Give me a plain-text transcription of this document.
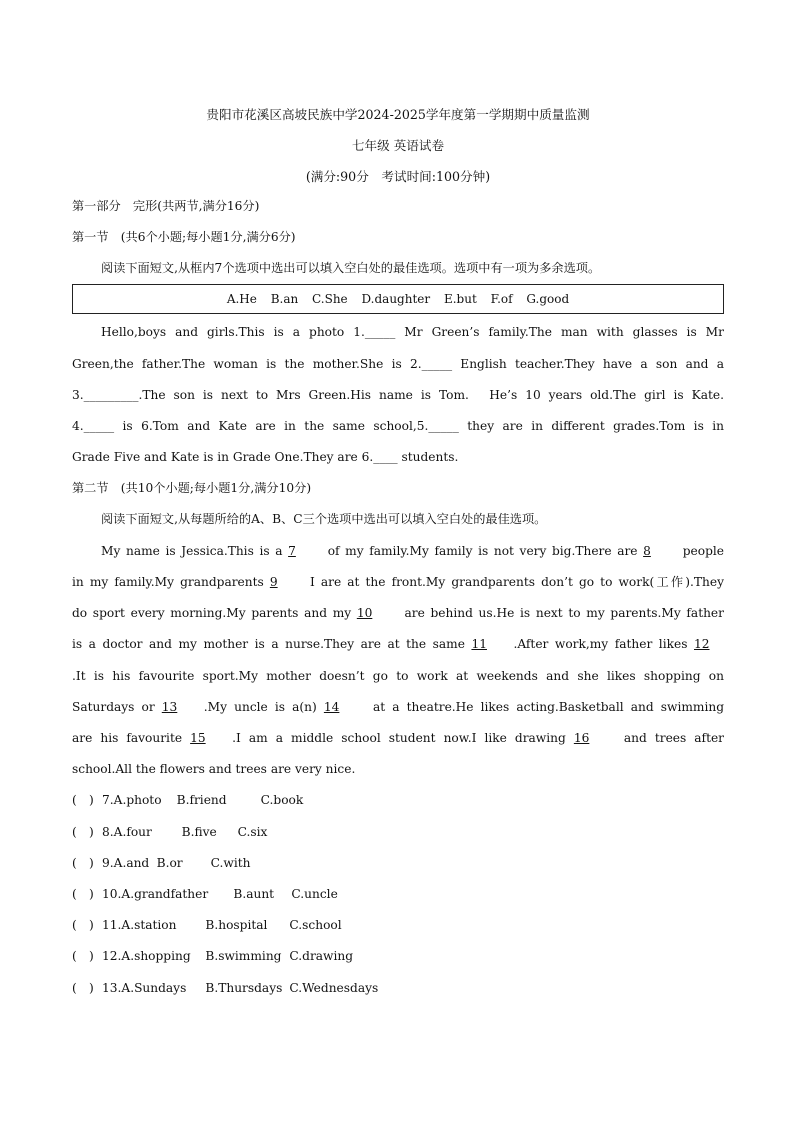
贵阳市花溪区高坡民族中学2024-2025学年度第一学期期中质量监测
七年级 英语试卷
(满分:90分　考试时间:100分钟)
第一部分　完形(共两节,满分16分)
第一节　(共6个小题;每小题1分,满分6分)
阅读下面短文,从框内7个选项中选出可以填入空白处的最佳选项。选项中有一项为多余选项。
A.He B.an C.She D.daughter E.but F.of G.good
Hello,boys and girls.This is a photo 1._____ Mr Green’s family.The man with glasses is Mr
Green,the father.The woman is the mother.She is 2._____ English teacher.They have a son and a
3._________.The son is next to Mrs Green.His name is Tom.　He’s 10 years old.The girl is Kate.
4._____ is 6.Tom and Kate are in the same school,5._____ they are in different grades.Tom is in
Grade Five and Kate is in Grade One.They are 6.____ students.
第二节　(共10个小题;每小题1分,满分10分)
阅读下面短文,从每题所给的A、B、C三个选项中选出可以填入空白处的最佳选项。
My name is Jessica.This is a 7 of my family.My family is not very big.There are 8 people
in my family.My grandparents 9 I are at the front.My grandparents don’t go to work(工作).They
do sport every morning.My parents and my 10 are behind us.He is next to my parents.My father
is a doctor and my mother is a nurse.They are at the same 11 .After work,my father likes 12
.It is his favourite sport.My mother doesn’t go to work at weekends and she likes shopping on
Saturdays or 13 .My uncle is a(n) 14 at a theatre.He likes acting.Basketball and swimming
are his favourite 15 .I am a middle school student now.I like drawing 16 and trees after
school.All the flowers and trees are very nice.
(　) 7.A.photo B.friend	C.book
(　) 8.A.four B.five C.six
(　) 9.A.and B.or C.with
(　) 10.A.grandfather B.aunt C.uncle
(　) 11.A.station B.hospital C.school
(　) 12.A.shopping B.swimming C.drawing
(　) 13.A.Sundays B.Thursdays C.Wednesdays
